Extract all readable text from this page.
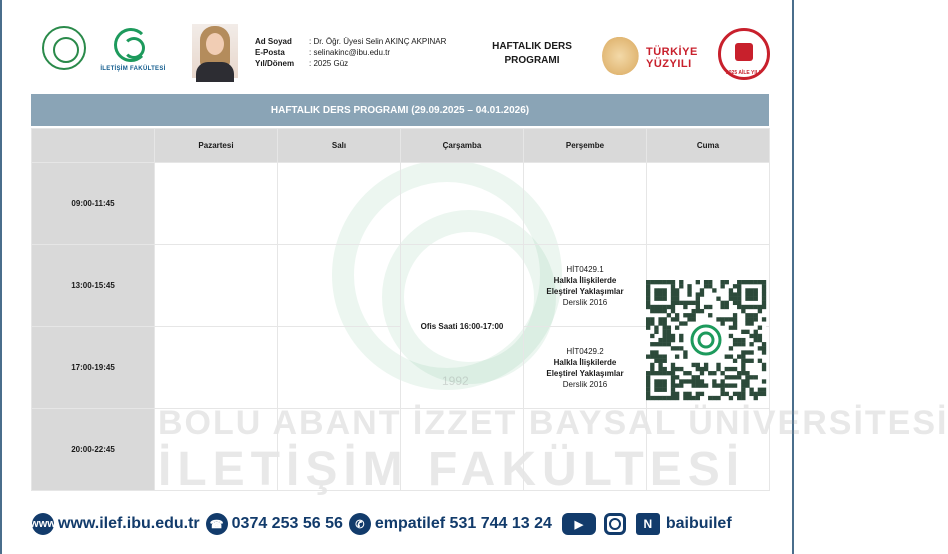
İLETİŞİM FAKÜLTESİ
Ad Soyad	: Dr. Öğr. Üyesi Selin AKINÇ AKPINAR
E-Posta	: selinakinc@ibu.edu.tr
Yıl/Dönem	: 2025 Güz
HAFTALIK DERS PROGRAMI
TÜRKİYE YÜZYILI
2025 AİLE YILI
1992
BOLU ABANT İZZET BAYSAL ÜNİVERSİTESİ
İLETİŞİM FAKÜLTESİ
HAFTALIK DERS PROGRAMI (29.09.2025 – 04.01.2026)
	Pazartesi	Salı	Çarşamba	Perşembe	Cuma
09:00-11:45					
13:00-15:45			Ofis Saati 16:00-17:00	HİT0429.1
Halkla İlişkilerde
Eleştirel Yaklaşımlar
Derslik 2016	

17:00-19:45				HİT0429.2
Halkla İlişkilerde
Eleştirel Yaklaşımlar
Derslik 2016	

20:00-22:45					
www www.ilef.ibu.edu.tr ☎ 0374 253 56 56	✆ empatilef 531 744 13 24	▶	N baibuilef
